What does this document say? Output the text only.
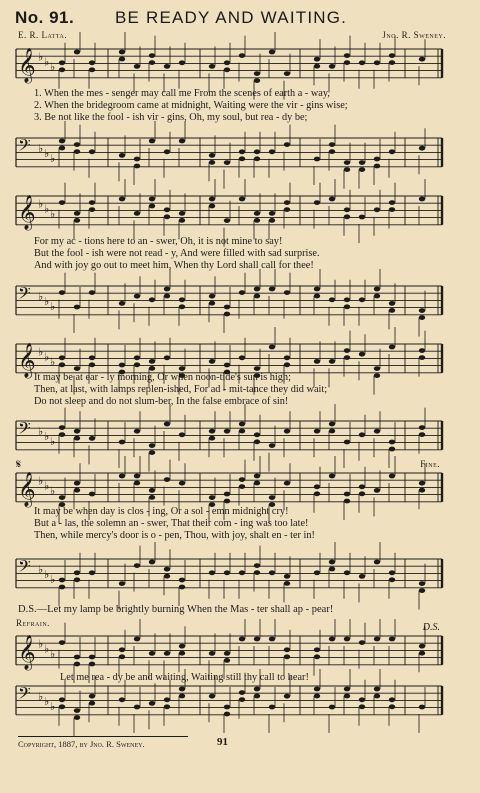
No. 91. BE READY AND WAITING.
E. R. Latta.	Jno. R. Sweney.
𝄞 ♭ ♭ ♭
1. When the mes - senger may call me From the scenes of earth a - way,
2. When the bridegroom came at midnight, Waiting were the vir - gins wise;
3. Be not like the fool - ish vir - gins, Oh, my soul, but rea - dy be;
𝄢 ♭ ♭ ♭
𝄞 ♭ ♭ ♭
For my ac - tions here to an - swer, Oh, it is not mine to say!
But the fool - ish were not read - y, And were filled with sad surprise.
And with joy go out to meet him, When thy Lord shall call for thee!
𝄢 ♭ ♭ ♭
𝄞 ♭ ♭ ♭
It may be at ear - ly morning, Or when noon-tide's sun is high;
Then, at last, with lamps replen-ished, For ad - mit-tance they did wait;
Do not sleep and do not slum-ber, In the false embrace of sin!
𝄢 ♭ ♭ ♭
𝄋	Fine.
𝄞 ♭ ♭ ♭
It may be when day is clos - ing, Or a sol - emn midnight cry!
But a - las, the solemn an - swer, That their com - ing was too late!
Then, while mercy's door is o - pen, Thou, with joy, shalt en - ter in!
𝄢 ♭ ♭ ♭
D.S.—Let my lamp be brightly burning When the Mas - ter shall ap - pear!
Refrain.	D.S.
𝄞 ♭ ♭ ♭
Let me rea - dy be and waiting, Waiting still thy call to hear!
𝄢 ♭ ♭ ♭
Copyright, 1887, by Jno. R. Sweney.	91
